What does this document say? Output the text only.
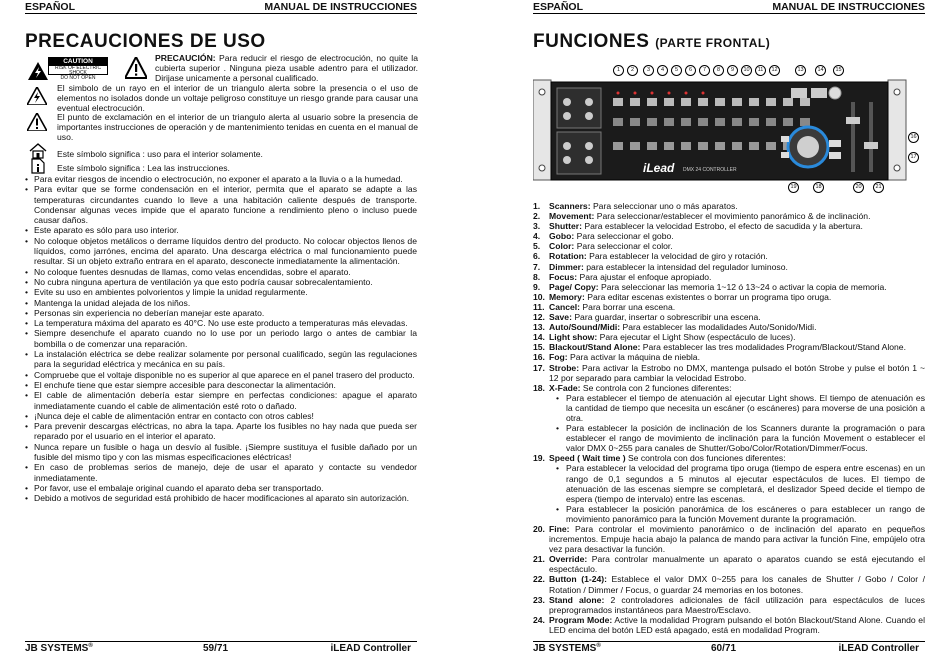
ESPAÑOL	MANUAL DE INSTRUCCIONES
PRECAUCIONES DE USO
CAUTION
RISK OF ELECTRIC SHOCK
DO NOT OPEN
PRECAUCIÓN: Para reducir el riesgo de electrocución, no quite la cubierta superior . Ninguna pieza usable adentro para el utilizador. Dirijase unicamente a personal cualificado.
El simbolo de un rayo en el interior de un triangulo alerta sobre la presencia o el uso de elementos no isolados donde un voltaje peligroso constituye un riesgo grande para causar una eventual electrocución.
El punto de exclamación en el interior de un triangulo alerta al usuario sobre la presencia de importantes instrucciones de operación y de mantenimiento tenidas en cuenta en el manual de uso.
Este símbolo significa : uso para el interior solamente.
Este símbolo significa : Lea las instrucciones.
• Para evitar riesgos de incendio o electrocución, no exponer el aparato a la lluvia o a la humedad.
• Para evitar que se forme condensación en el interior, permita que el aparato se adapte a las temperaturas circundantes cuando lo lleve a una habitación caliente después de transporte. Condensar algunas veces impide que el aparato funcione a rendimiento pleno o incluso puede causar daños.
• Este aparato es sólo para uso interior.
• No coloque objetos metálicos o derrame líquidos dentro del producto. No colocar objectos llenos de líquidos, como jarrónes, encima del aparato. Una descarga eléctrica o mal funcionamiento puede resultar. Si un objeto extraño entrara en el aparato, desconecte inmediatamente la alimentación.
• No coloque fuentes desnudas de llamas, como velas encendidas, sobre el aparato.
• No cubra ninguna apertura de ventilación ya que esto podría causar sobrecalentamiento.
• Evite su uso en ambientes polvorientos y limpie la unidad regularmente.
• Mantenga la unidad alejada de los niños.
• Personas sin experiencia no deberían manejar este aparato.
• La temperatura máxima del aparato es 40°C. No use este producto a temperaturas más elevadas.
• Siempre desenchufe el aparato cuando no lo use por un periodo largo o antes de cambiar la bombilla o de comenzar una reparación.
• La instalación eléctrica se debe realizar solamente por personal cualificado, según las regulaciones para la seguridad eléctrica y mecánica en su país.
• Compruebe que el voltaje disponible no es superior al que aparece en el panel trasero del producto.
• El enchufe tiene que estar siempre accesible para desconectar la alimentación.
• El cable de alimentación debería estar siempre en perfectas condiciones: apague el aparato inmediatamente cuando el cable de alimentación esté roto o dañado.
• ¡Nunca deje el cable de alimentación entrar en contacto con otros cables!
• Para prevenir descargas eléctricas, no abra la tapa. Aparte los fusibles no hay nada que pueda ser reparado por el usuario en el interior el aparato.
• Nunca repare un fusible o haga un desvío al fusible. ¡Siempre sustituya el fusible dañado por un fusible del mismo tipo y con las mismas especificaciones eléctricas!
• En caso de problemas serios de manejo, deje de usar el aparato y contacte su vendedor inmediatamente.
• Por favor, use el embalaje original cuando el aparato deba ser transportado.
• Debido a motivos de seguridad está prohibido de hacer modificaciones al aparato sin autorización.
JB SYSTEMS®	59/71	iLEAD Controller
ESPAÑOL	MANUAL DE INSTRUCCIONES
FUNCIONES (PARTE FRONTAL)
iLead DMX 24 CONTROLLER
1	2	3	4	5	6	7	8	9	10	11	12	13	14	15
16
17
18
19	20	21
1.	Scanners: Para seleccionar uno o más aparatos.
2.	Movement: Para seleccionar/establecer el movimiento panorámico & de inclinación.
3.	Shutter: Para establecer la velocidad Estrobo, el efecto de sacudida y la abertura.
4.	Gobo: Para seleccionar el gobo.
5.	Color: Para seleccionar el color.
6.	Rotation: Para establecer la velocidad de giro y rotación.
7.	Dimmer: para establecer la intensidad del regulador luminoso.
8.	Focus: Para ajustar el enfoque apropiado.
9.	Page/ Copy: Para seleccionar las memoria 1~12 ó 13~24 o activar la copia de memoria.
10. Memory: Para editar escenas existentes o borrar un programa tipo oruga.
11. Cancel: Para borrar una escena.
12. Save: Para guardar, insertar o sobrescribir una escena.
13. Auto/Sound/Midi: Para establecer las modalidades Auto/Sonido/Midi.
14. Light show: Para ejecutar el Light Show (espectáculo de luces).
15. Blackout/Stand Alone: Para establecer las tres modalidades Program/Blackout/Stand Alone.
16. Fog: Para activar la máquina de niebla.
17. Strobe: Para activar la Estrobo no DMX, mantenga pulsado el botón Strobe y pulse el botón 1 ~ 12 por separado para cambiar la velocidad Estrobo.
18. X-Fade: Se controla con 2 funciones diferentes:
• Para establecer el tiempo de atenuación al ejecutar Light shows. El tiempo de atenuación es la cantidad de tiempo que necesita un escáner (o escáneres) para moverse de una posición a otra.
• Para establecer la posición de inclinación de los Scanners durante la programación o para establecer el rango de movimiento de inclinación para la función Movement o establecer el valor DMX 0~255 para canales de Shutter/Gobo/Color/Rotation/Dimmer/Focus.
19. Speed ( Wait time ) Se controla con dos funciones diferentes:
• Para establecer la velocidad del programa tipo oruga (tiempo de espera entre escenas) en un rango de 0,1 segundos a 5 minutos al ejecutar espectáculos de luces. El tiempo de atenuación de las escenas siempre se completará, el deslizador Speed decide el tiempo de espera (tiempo de intervalo) entre las escenas.
• Para establecer la posición panorámica de los escáneres o para establecer un rango de movimiento panorámico para la función Movement durante la programación.
20. Fine: Para controlar el movimiento panorámico o de inclinación del aparato en pequeños incrementos. Empuje hacia abajo la palanca de mando para activar la función Fine, empújelo otra vez para desactivar la función.
21. Override: Para controlar manualmente un aparato o aparatos cuando se está ejecutando el espectáculo.
22. Button (1-24): Establece el valor DMX 0~255 para los canales de Shutter / Gobo / Color / Rotation / Dimmer / Focus, o guardar 24 memorias en los botones.
23. Stand alone: 2 controladores adicionales de fácil utilización para espectáculos de luces preprogramados instantáneos para Maestro/Esclavo.
24. Program Mode: Active la modalidad Program pulsando el botón Blackout/Stand Alone. Cuando el LED encima del botón LED está apagado, está en modalidad Program.
JB SYSTEMS®	60/71	iLEAD Controller
